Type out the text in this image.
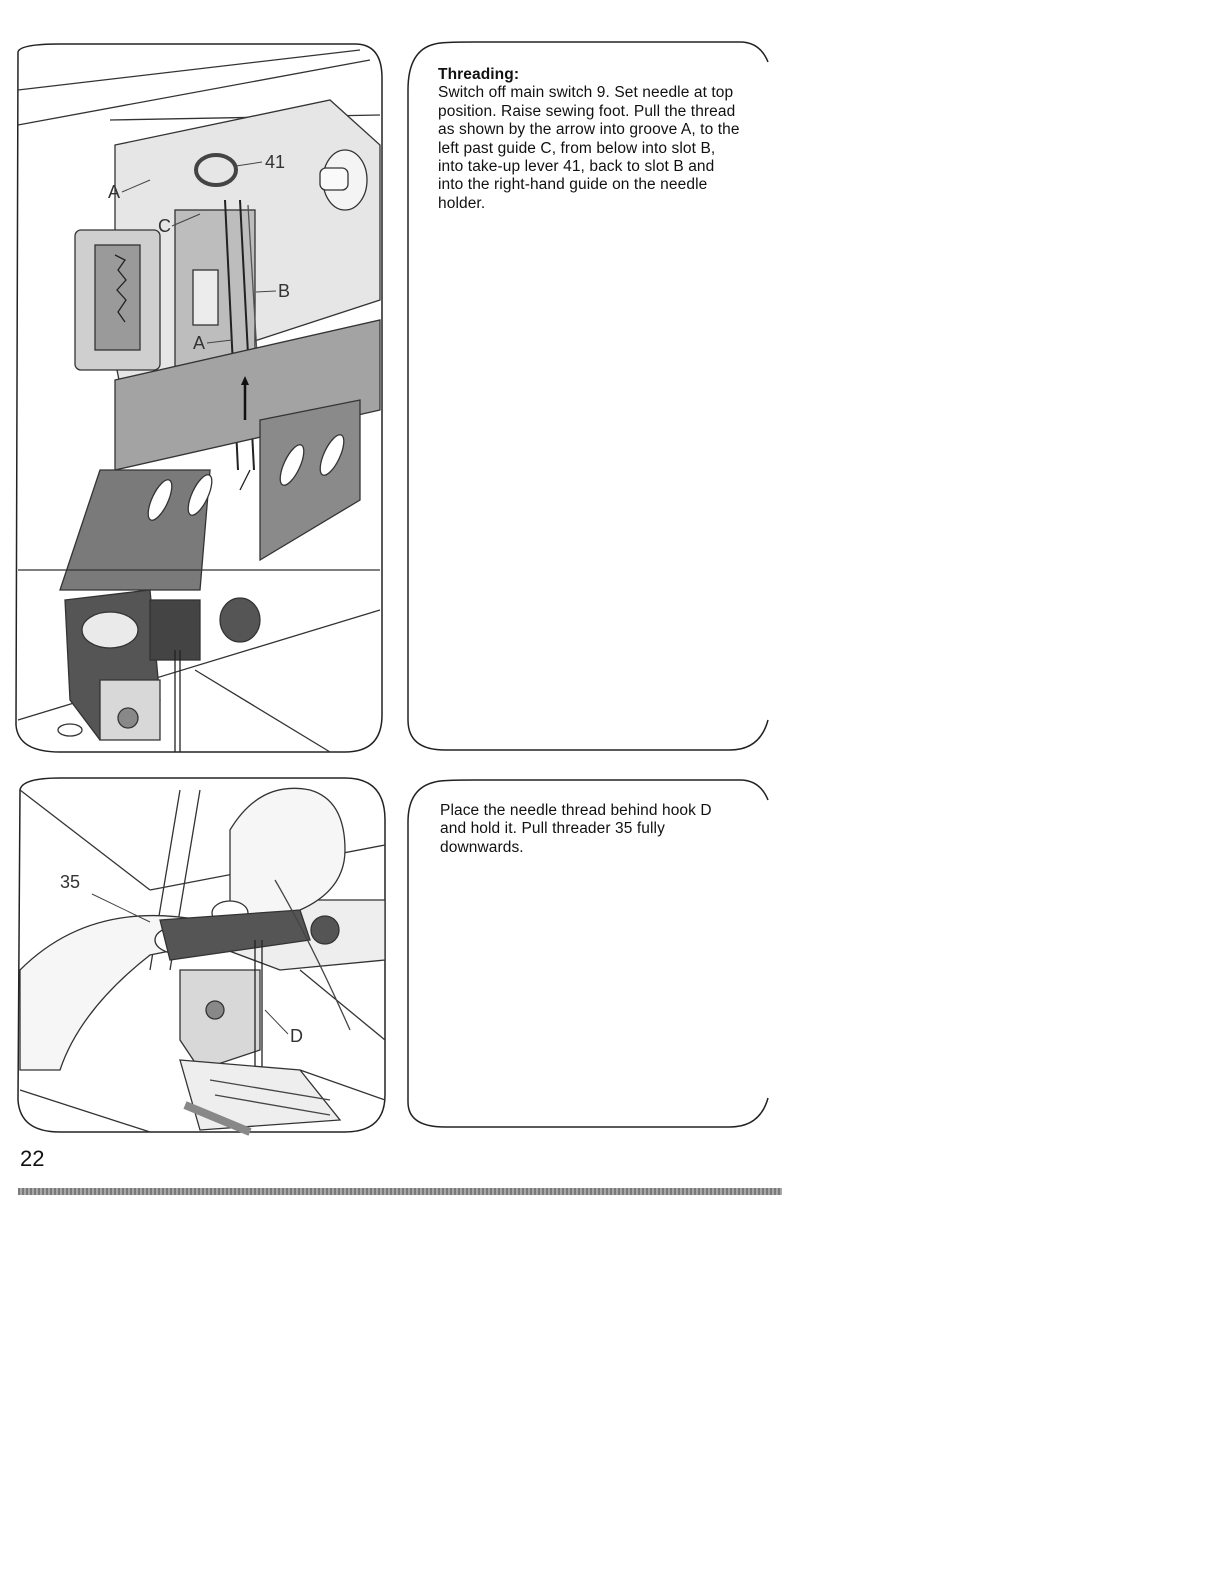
A
C
41
B
A
Threading:
Switch off main switch 9. Set needle at top position. Raise sewing foot. Pull the thread as shown by the arrow into groove A, to the left past guide C, from below into slot B, into take-up lever 41, back to slot B and into the right-hand guide on the needle holder.
35
D
Place the needle thread behind hook D and hold it. Pull threader 35 fully downwards.
22
